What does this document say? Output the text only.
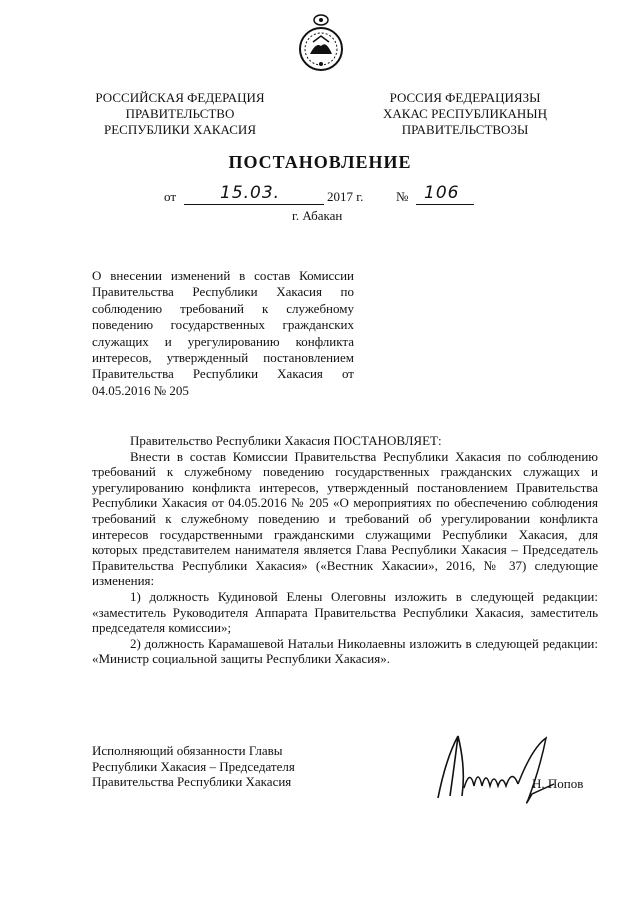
РОССИЙСКАЯ ФЕДЕРАЦИЯ
ПРАВИТЕЛЬСТВО
РЕСПУБЛИКИ ХАКАСИЯ
РОССИЯ ФЕДЕРАЦИЯЗЫ
ХАКАС РЕСПУБЛИКАНЫҢ
ПРАВИТЕЛЬСТВОЗЫ
ПОСТАНОВЛЕНИЕ
от	15.03.	2017 г.	№ 106
г. Абакан
О внесении изменений в состав Комиссии Правительства Республики Хакасия по соблюдению требований к служебному поведению государственных гражданских служащих и урегулированию конфликта интересов, утвержденный постановлением Правительства Республики Хакасия от 04.05.2016 № 205

Правительство Республики Хакасия ПОСТАНОВЛЯЕТ:

Внести в состав Комиссии Правительства Республики Хакасия по соблюдению требований к служебному поведению государственных гражданских служащих и урегулированию конфликта интересов, утвержденный постановлением Правительства Республики Хакасия от 04.05.2016 № 205 «О мероприятиях по обеспечению соблюдения требований к служебному поведению и требований об урегулировании конфликта интересов государственными гражданскими служащими Республики Хакасия, для которых представителем нанимателя является Глава Республики Хакасия – Председатель Правительства Республики Хакасия» («Вестник Хакасии», 2016, № 37) следующие изменения:

1) должность Кудиновой Елены Олеговны изложить в следующей редакции: «заместитель Руководителя Аппарата Правительства Республики Хакасия, заместитель председателя комиссии»;

2) должность Карамашевой Натальи Николаевны изложить в следующей редакции: «Министр социальной защиты Республики Хакасия».

Исполняющий обязанности Главы
Республики Хакасия – Председателя
Правительства Республики Хакасия	Н. Попов
